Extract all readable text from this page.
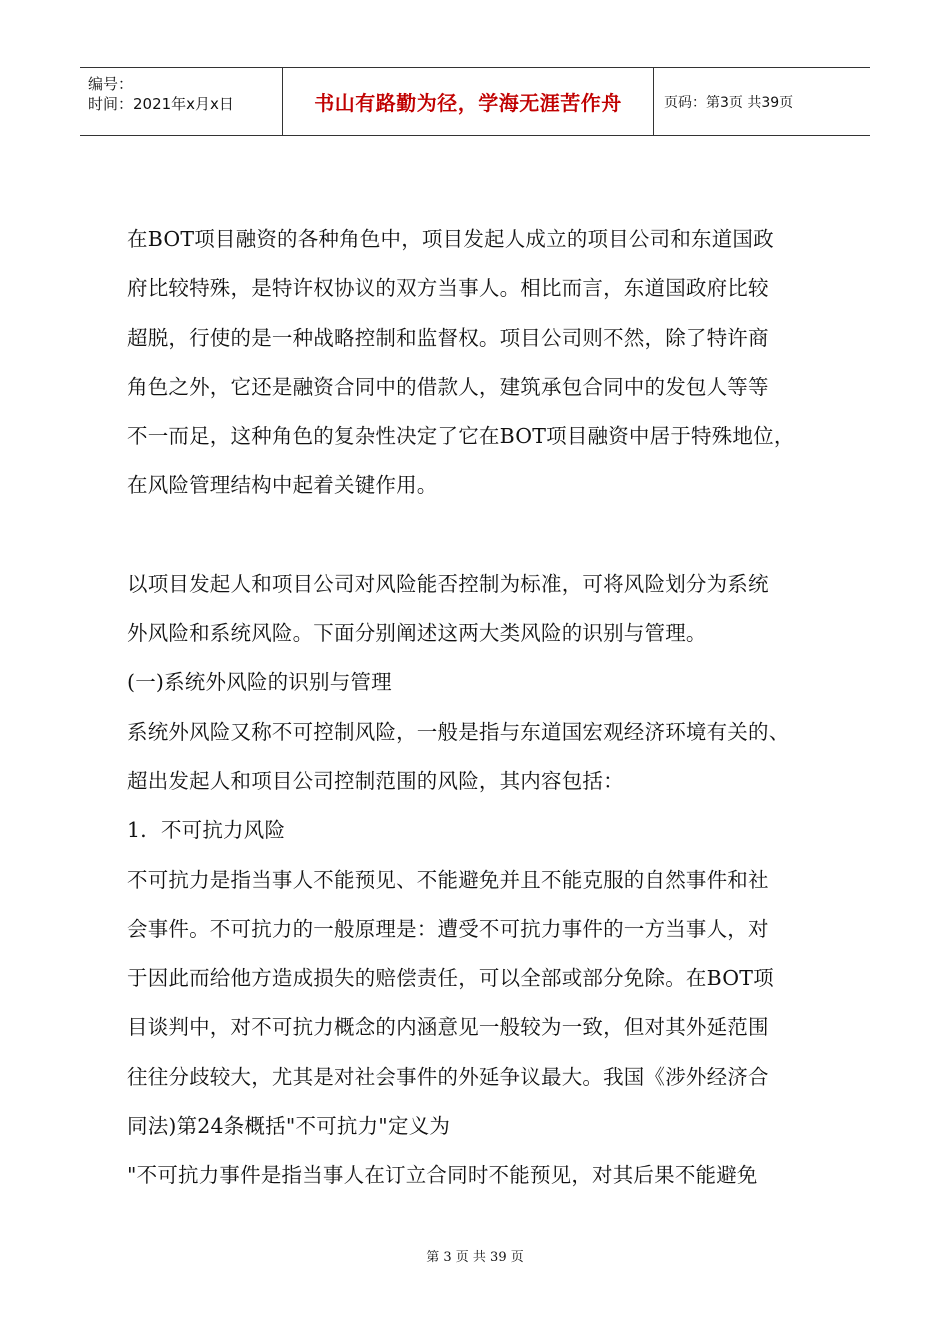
编号：
时间：2021年x月x日	书山有路勤为径，学海无涯苦作舟	页码：第3页 共39页

在BOT项目融资的各种角色中，项目发起人成立的项目公司和东道国政

府比较特殊，是特许权协议的双方当事人。相比而言，东道国政府比较

超脱，行使的是一种战略控制和监督权。项目公司则不然，除了特许商

角色之外，它还是融资合同中的借款人，建筑承包合同中的发包人等等

不一而足，这种角色的复杂性决定了它在BOT项目融资中居于特殊地位，

在风险管理结构中起着关键作用。

以项目发起人和项目公司对风险能否控制为标准，可将风险划分为系统

外风险和系统风险。下面分别阐述这两大类风险的识别与管理。

(一)系统外风险的识别与管理

系统外风险又称不可控制风险，一般是指与东道国宏观经济环境有关的、

超出发起人和项目公司控制范围的风险，其内容包括：

1．不可抗力风险

不可抗力是指当事人不能预见、不能避免并且不能克服的自然事件和社

会事件。不可抗力的一般原理是：遭受不可抗力事件的一方当事人，对

于因此而给他方造成损失的赔偿责任，可以全部或部分免除。在BOT项

目谈判中，对不可抗力概念的内涵意见一般较为一致，但对其外延范围

往往分歧较大，尤其是对社会事件的外延争议最大。我国《涉外经济合

同法)第24条概括"不可抗力"定义为

"不可抗力事件是指当事人在订立合同时不能预见，对其后果不能避免

第 3 页 共 39 页
